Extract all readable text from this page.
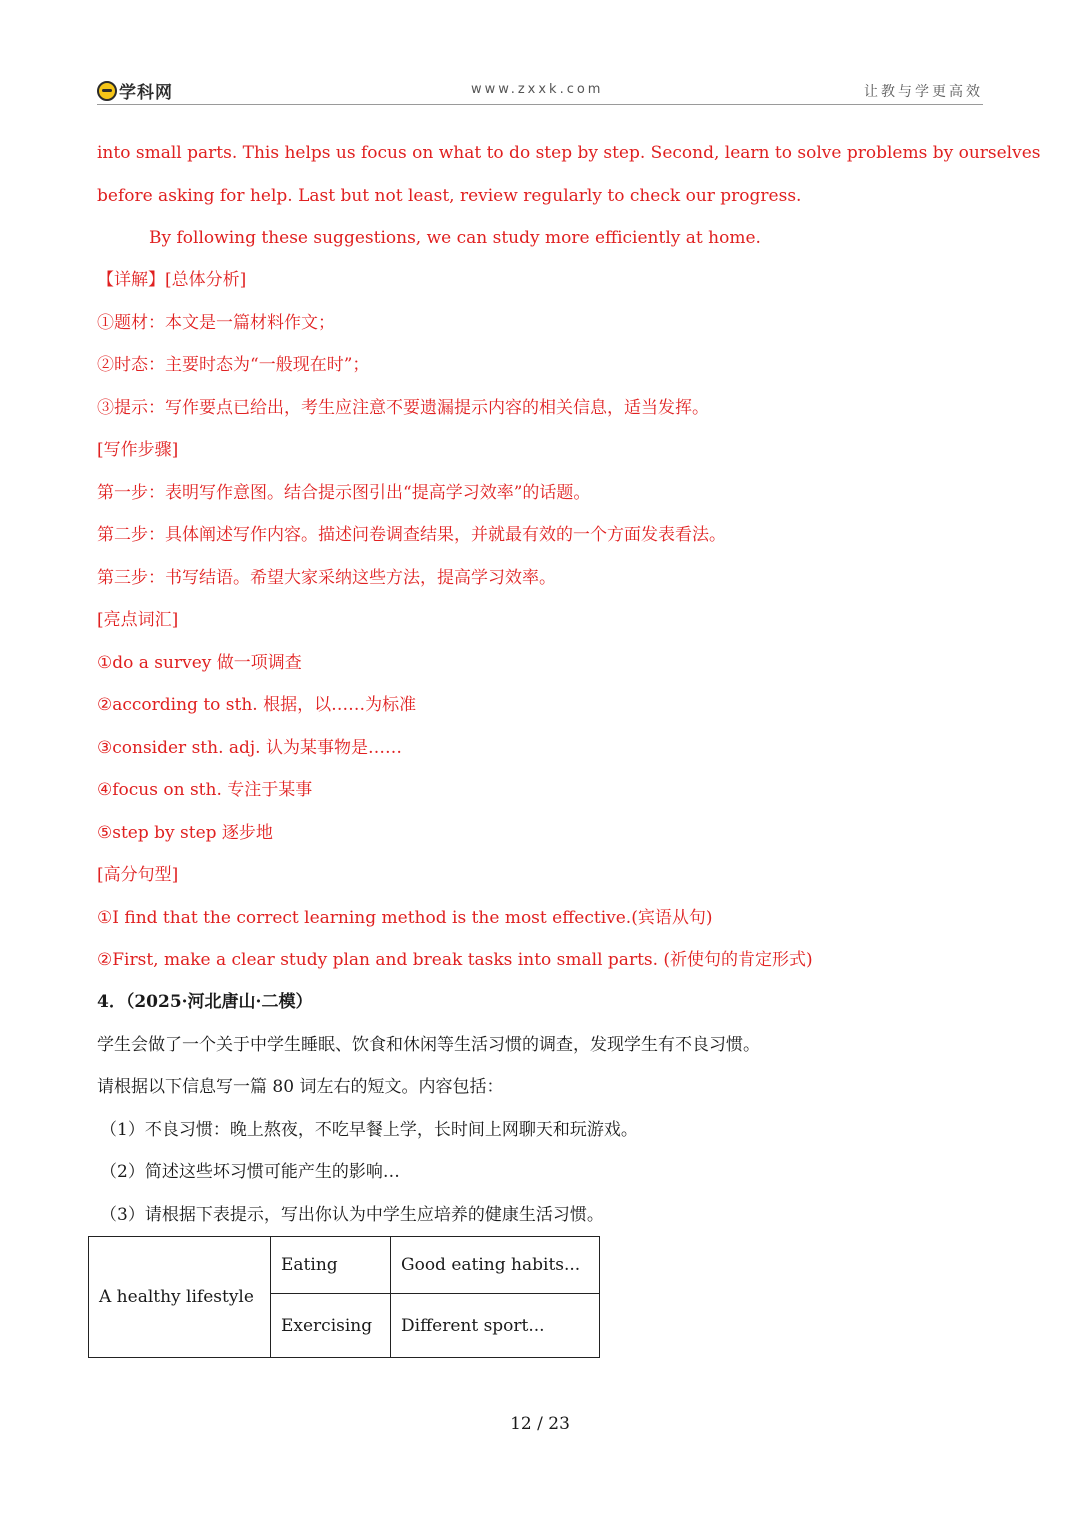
学科网	www.zxxk.com	让教与学更高效
into small parts. This helps us focus on what to do step by step. Second, learn to solve problems by ourselves
before asking for help. Last but not least, review regularly to check our progress.
By following these suggestions, we can study more efficiently at home.
【详解】[总体分析]
①题材：本文是一篇材料作文；
②时态：主要时态为“一般现在时”；
③提示：写作要点已给出，考生应注意不要遗漏提示内容的相关信息，适当发挥。
[写作步骤]
第一步：表明写作意图。结合提示图引出“提高学习效率”的话题。
第二步：具体阐述写作内容。描述问卷调查结果，并就最有效的一个方面发表看法。
第三步：书写结语。希望大家采纳这些方法，提高学习效率。
[亮点词汇]
①do a survey 做一项调查
②according to sth. 根据，以……为标准
③consider sth. adj. 认为某事物是……
④focus on sth. 专注于某事
⑤step by step 逐步地
[高分句型]
①I find that the correct learning method is the most effective.(宾语从句)
②First, make a clear study plan and break tasks into small parts. (祈使句的肯定形式)
4．（2025·河北唐山·二模）
学生会做了一个关于中学生睡眠、饮食和休闲等生活习惯的调查，发现学生有不良习惯。
请根据以下信息写一篇 80 词左右的短文。内容包括：
（1）不良习惯：晚上熬夜，不吃早餐上学，长时间上网聊天和玩游戏。
（2）简述这些坏习惯可能产生的影响…
（3）请根据下表提示，写出你认为中学生应培养的健康生活习惯。
A healthy lifestyle	Eating	Good eating habits...
	Exercising	Different sport...
12 / 23
